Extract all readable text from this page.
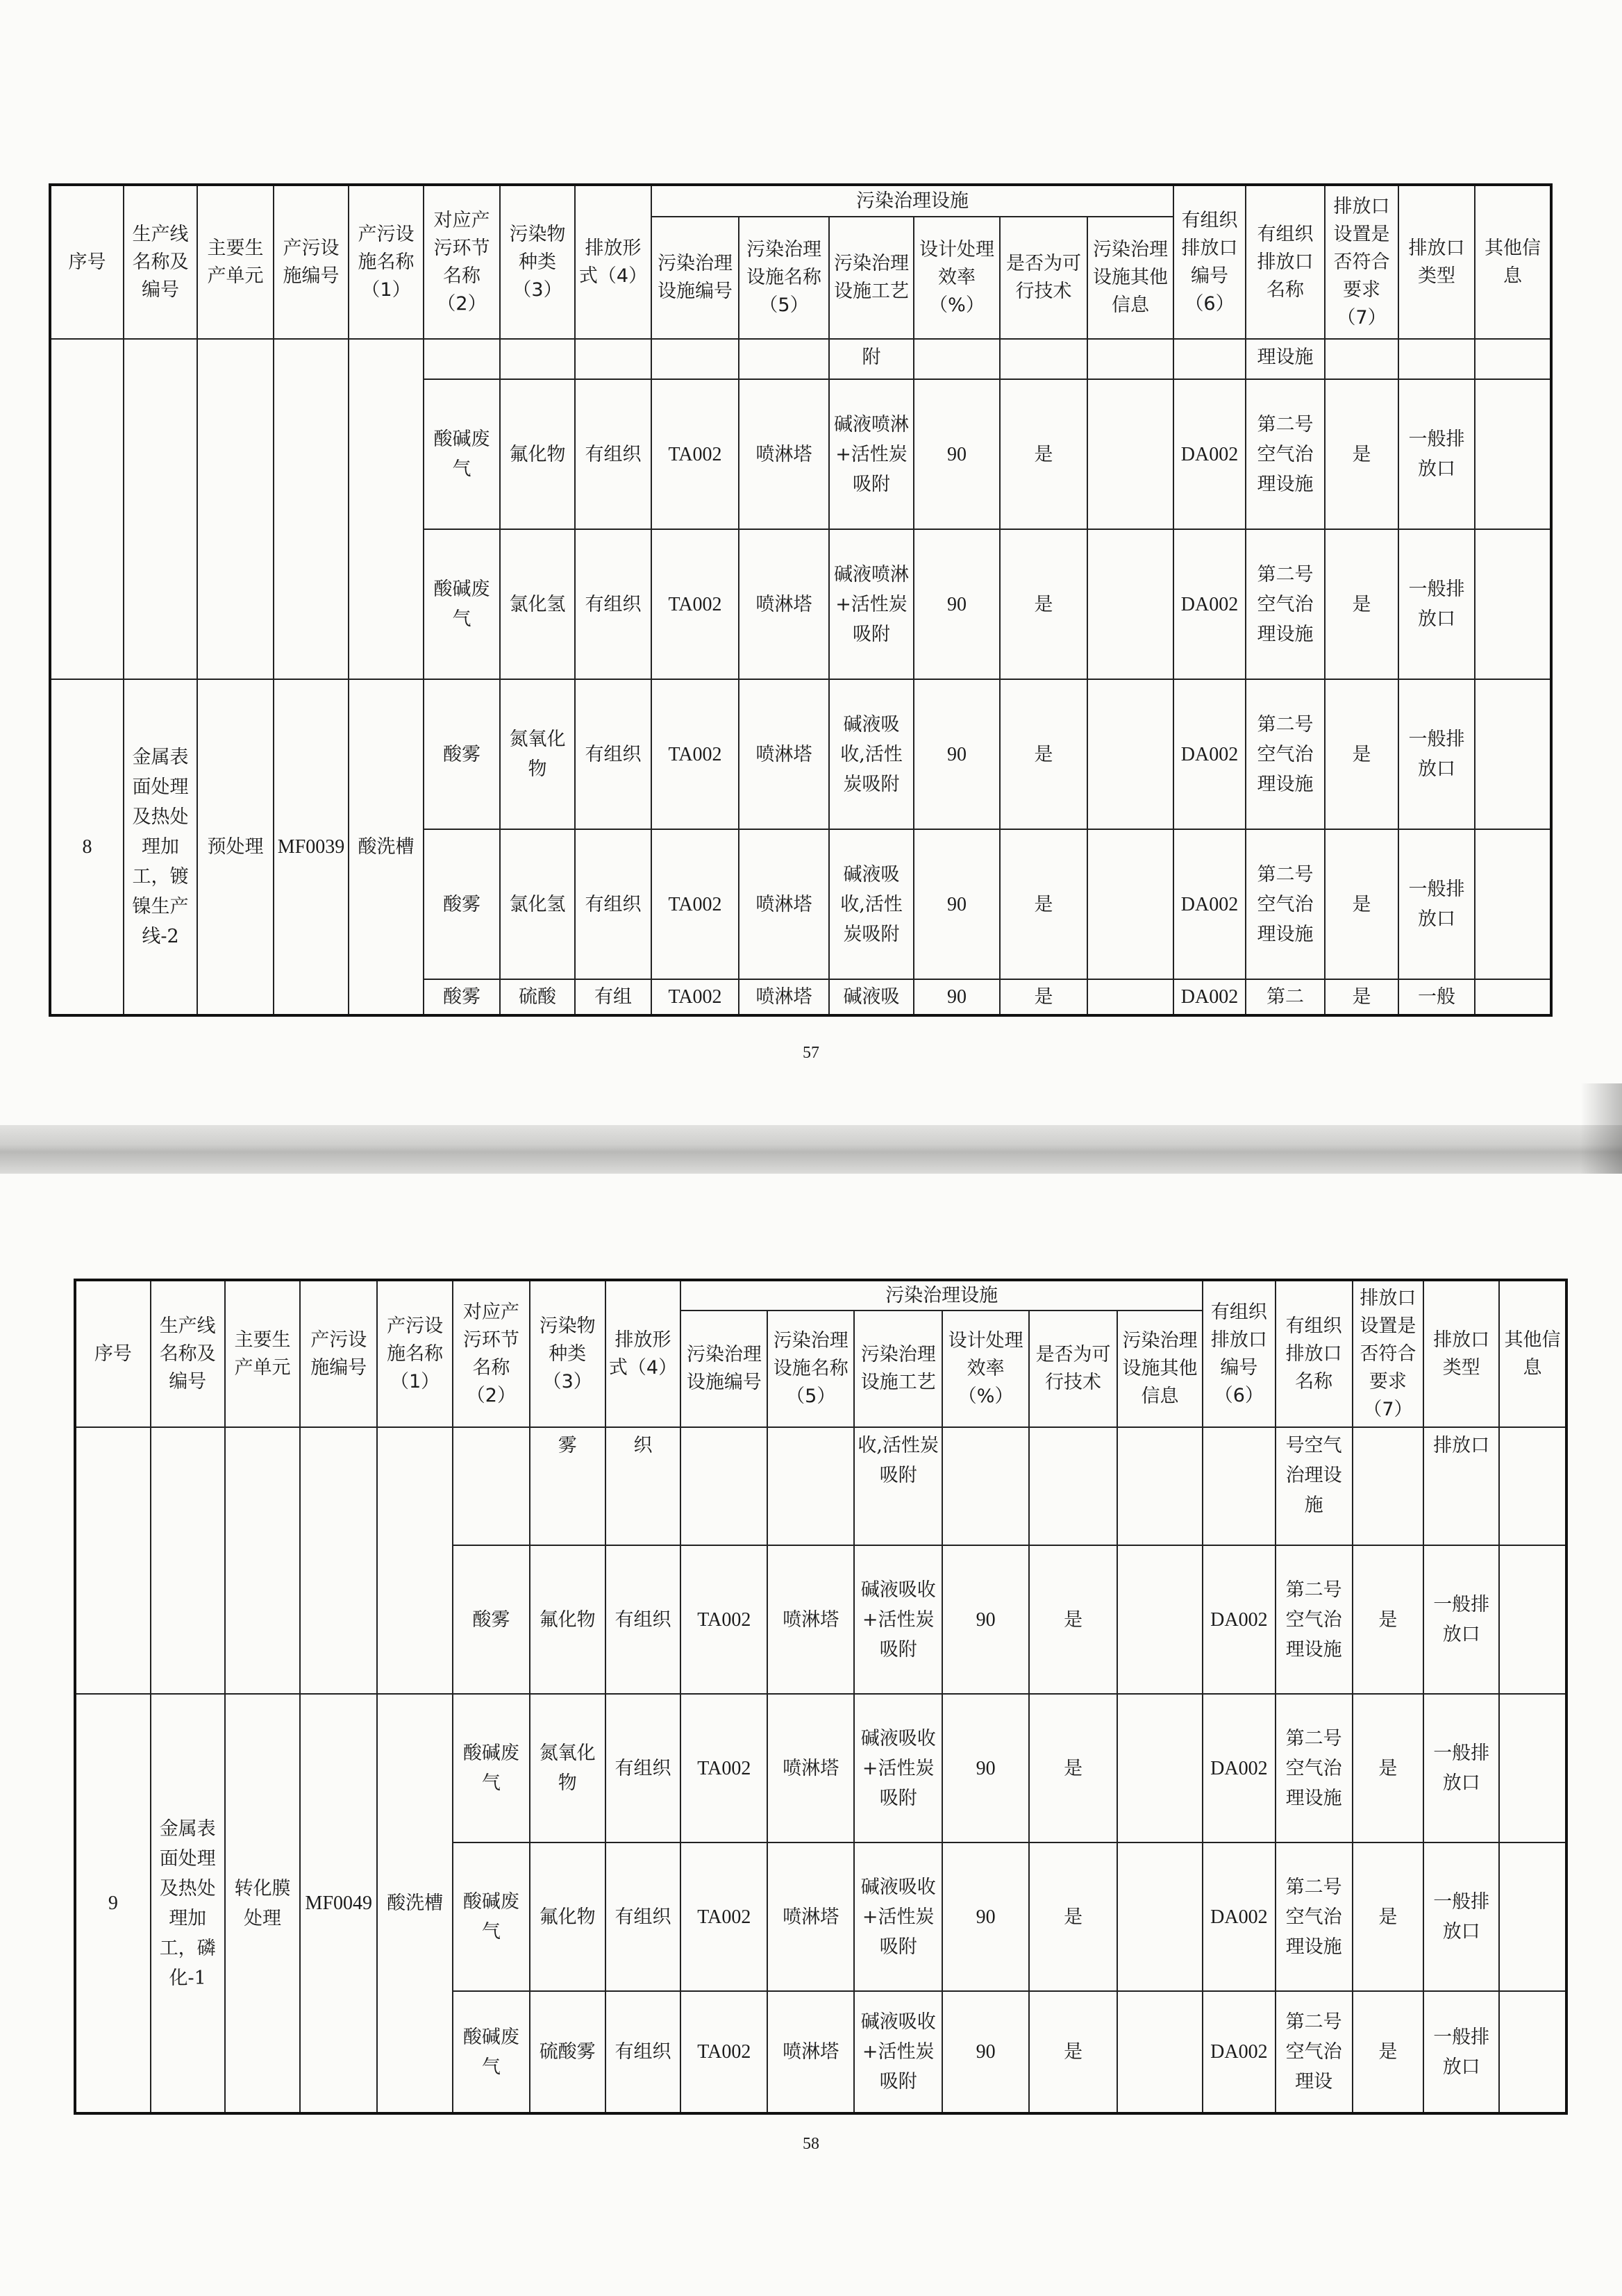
序号	生产线名称及编号	主要生产单元	产污设施编号	产污设施名称（1）	对应产污环节名称（2）	污染物种类（3）	排放形式（4）	污染治理设施						有组织排放口编号（6）	有组织排放口名称	排放口设置是否符合要求（7）	排放口类型	其他信息
								污染治理设施编号	污染治理设施名称（5）	污染治理设施工艺	设计处理效率（%）	是否为可行技术	污染治理设施其他信息					
										附					理设施			
					酸碱废气	氟化物	有组织	TA002	喷淋塔	碱液喷淋+活性炭吸附	90	是		DA002	第二号空气治理设施	是	一般排放口	
					酸碱废气	氯化氢	有组织	TA002	喷淋塔	碱液喷淋+活性炭吸附	90	是		DA002	第二号空气治理设施	是	一般排放口	
8	金属表面处理及热处理加工，镀镍生产线-2	预处理	MF0039	酸洗槽	酸雾	氮氧化物	有组织	TA002	喷淋塔	碱液吸收,活性炭吸附	90	是		DA002	第二号空气治理设施	是	一般排放口	
					酸雾	氯化氢	有组织	TA002	喷淋塔	碱液吸收,活性炭吸附	90	是		DA002	第二号空气治理设施	是	一般排放口	
					酸雾	硫酸	有组	TA002	喷淋塔	碱液吸	90	是		DA002	第二	是	一般	
57
序号	生产线名称及编号	主要生产单元	产污设施编号	产污设施名称（1）	对应产污环节名称（2）	污染物种类（3）	排放形式（4）	污染治理设施						有组织排放口编号（6）	有组织排放口名称	排放口设置是否符合要求（7）	排放口类型	其他信息
								污染治理设施编号	污染治理设施名称（5）	污染治理设施工艺	设计处理效率（%）	是否为可行技术	污染治理设施其他信息					
						雾	织			收,活性炭吸附					号空气治理设施		排放口	
					酸雾	氟化物	有组织	TA002	喷淋塔	碱液吸收+活性炭吸附	90	是		DA002	第二号空气治理设施	是	一般排放口	
9	金属表面处理及热处理加工，磷化-1	转化膜处理	MF0049	酸洗槽	酸碱废气	氮氧化物	有组织	TA002	喷淋塔	碱液吸收+活性炭吸附	90	是		DA002	第二号空气治理设施	是	一般排放口	
					酸碱废气	氟化物	有组织	TA002	喷淋塔	碱液吸收+活性炭吸附	90	是		DA002	第二号空气治理设施	是	一般排放口	
					酸碱废气	硫酸雾	有组织	TA002	喷淋塔	碱液吸收+活性炭吸附	90	是		DA002	第二号空气治理设	是	一般排放口	
58
